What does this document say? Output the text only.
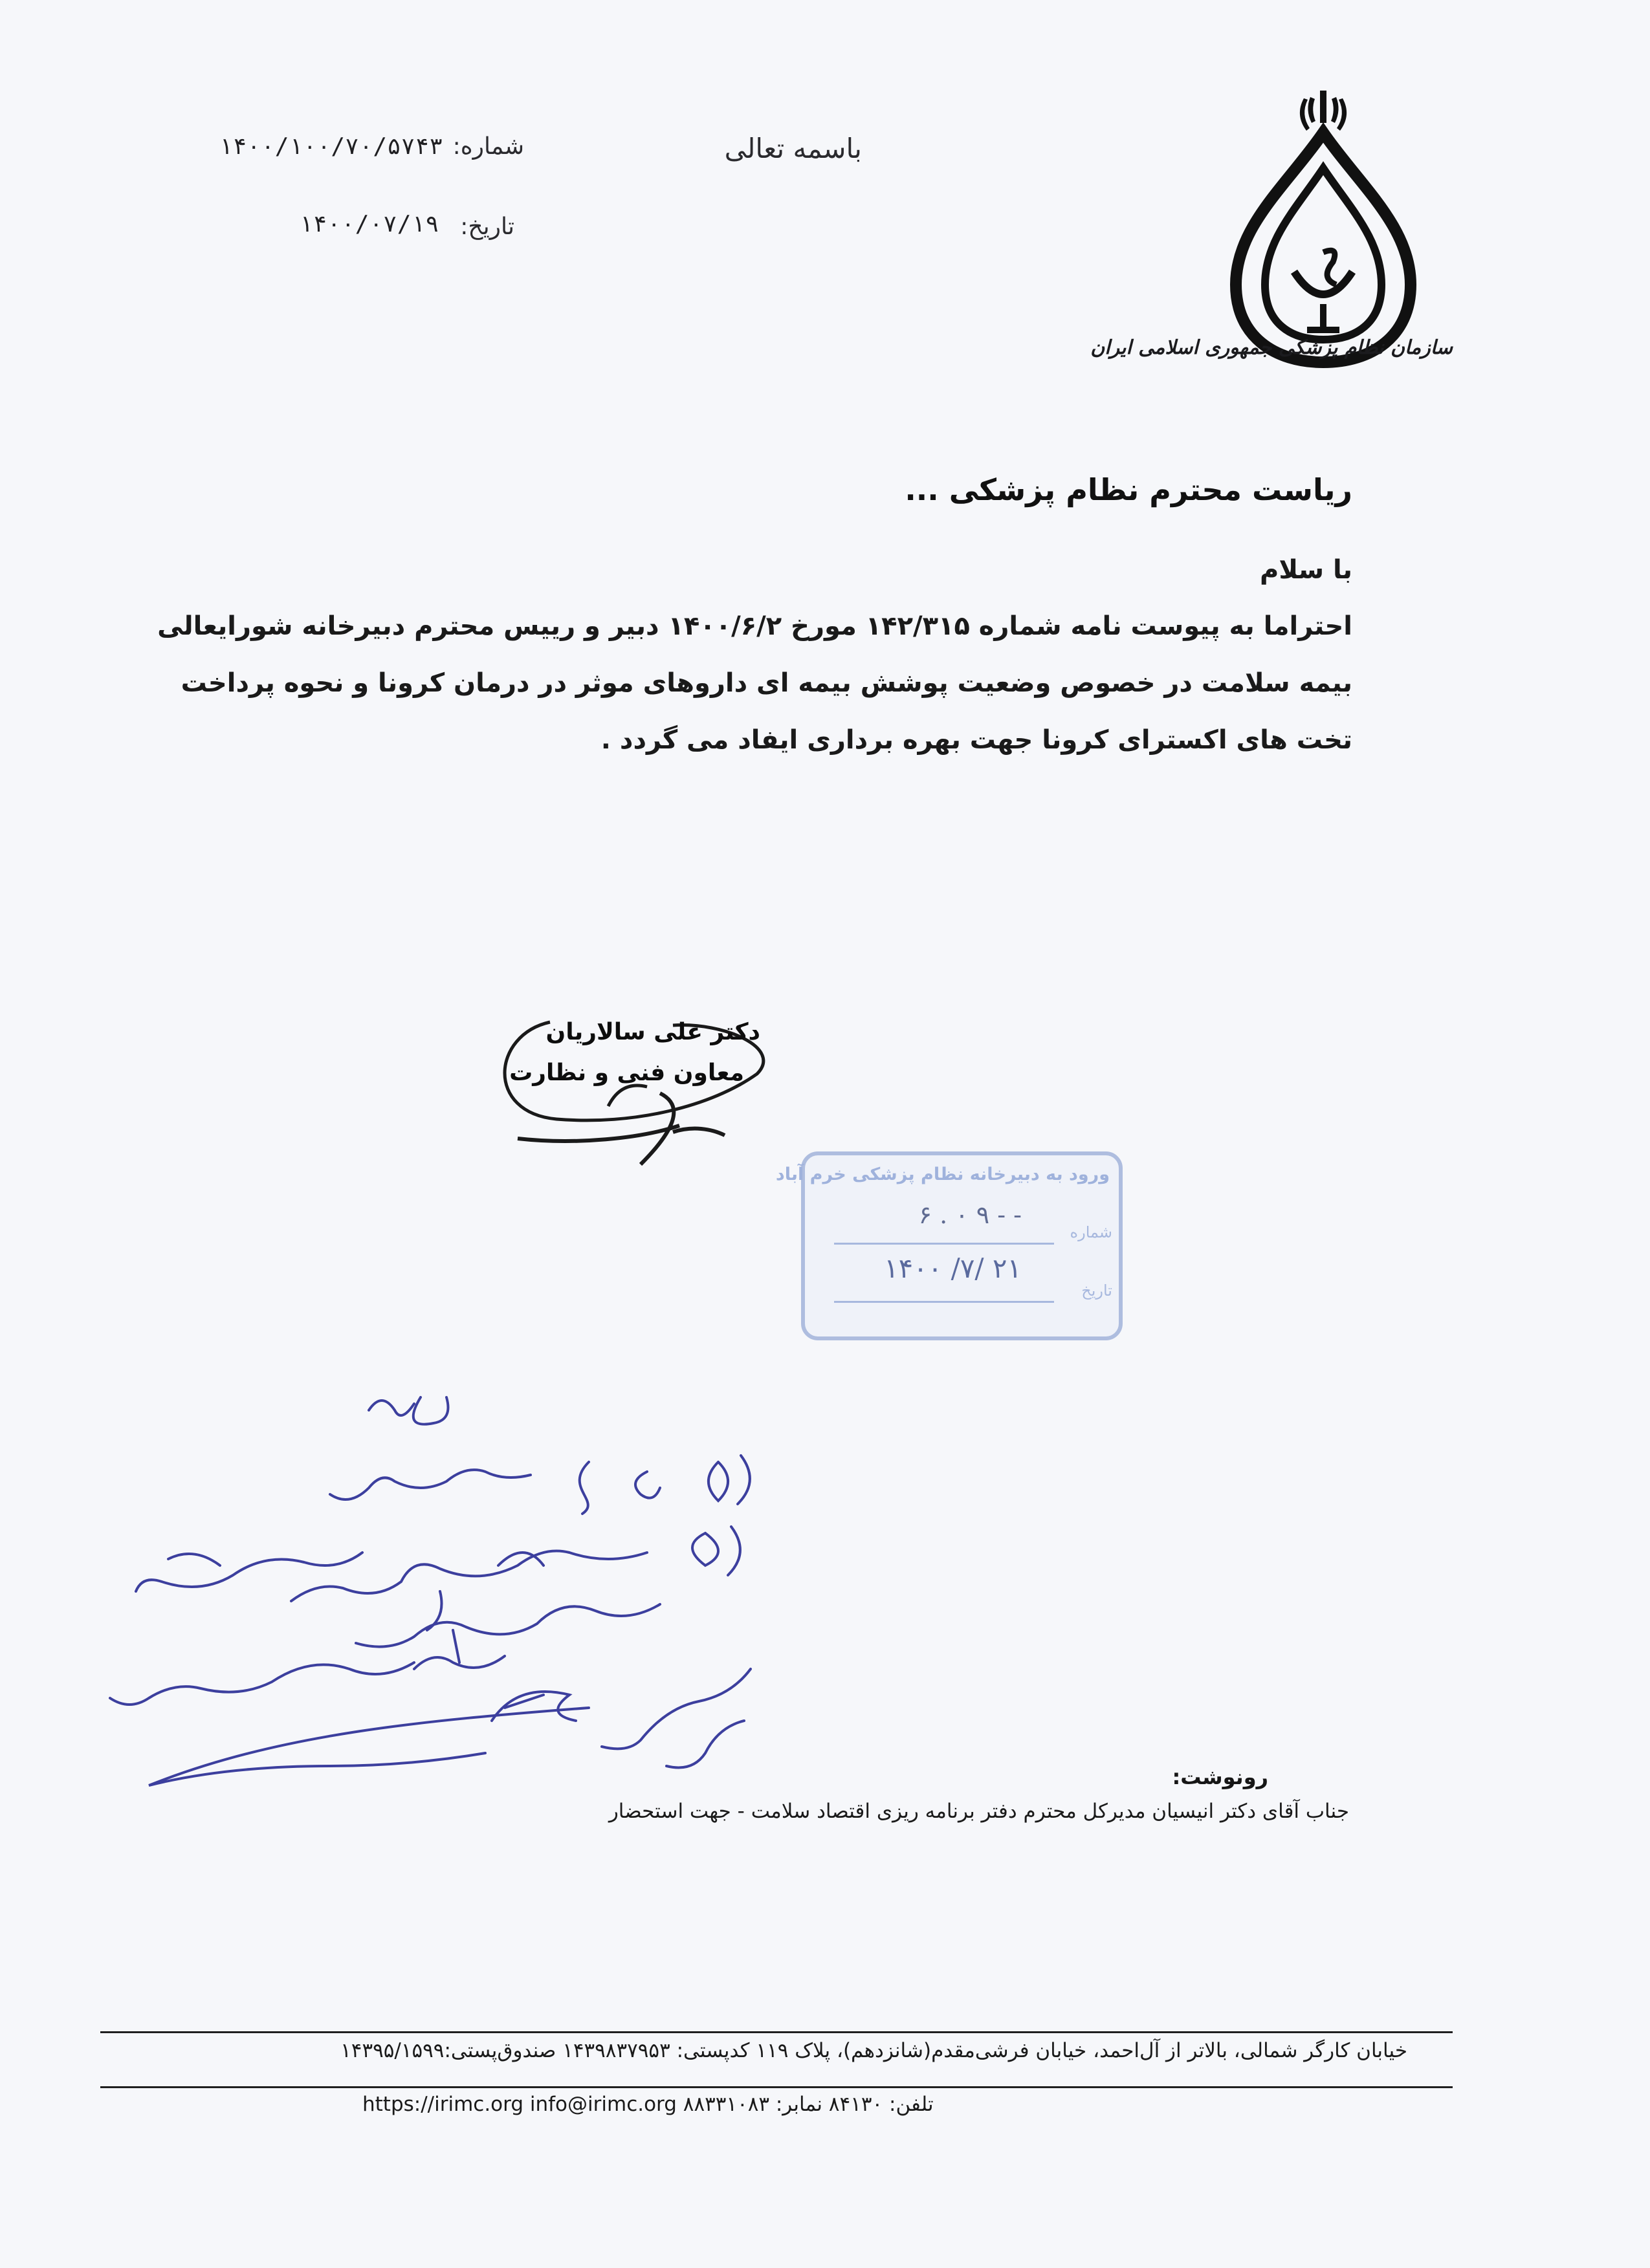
باسمه تعالی
شماره:
۱۴۰۰/۱۰۰/۷۰/۵۷۴۳
تاریخ:
۱۴۰۰/۰۷/۱۹
سازمان نظام پزشکی جمهوری اسلامی ایران
ریاست محترم نظام پزشکی ...
با سلام
احتراما به پیوست نامه شماره ۱۴۲/۳۱۵ مورخ ۱۴۰۰/۶/۲ دبیر و رییس محترم دبیرخانه شورایعالی
بیمه سلامت در خصوص وضعیت پوشش بیمه ای داروهای موثر در درمان کرونا و نحوه پرداخت
تخت های اکسترای کرونا جهت بهره برداری ایفاد می گردد .
دکتر علی سالاریان
معاون فنی و نظارت
ورود به دبیرخانه نظام پزشکی خرم آباد
۶ . ۰ ۹ - -
شماره
۱۴۰۰ /۷/ ۲۱
تاریخ
رونوشت:
جناب آقای دکتر انیسیان مدیرکل محترم دفتر برنامه ریزی اقتصاد سلامت - جهت استحضار
خیابان کارگر شمالی، بالاتر از آل‌احمد، خیابان فرشی‌مقدم(شانزدهم)، پلاک ۱۱۹ کدپستی: ۱۴۳۹۸۳۷۹۵۳ صندوق‌پستی:۱۴۳۹۵/۱۵۹۹
تلفن: ۸۴۱۳۰ نمابر: ۸۸۳۳۱۰۸۳ https://irimc.org info@irimc.org
